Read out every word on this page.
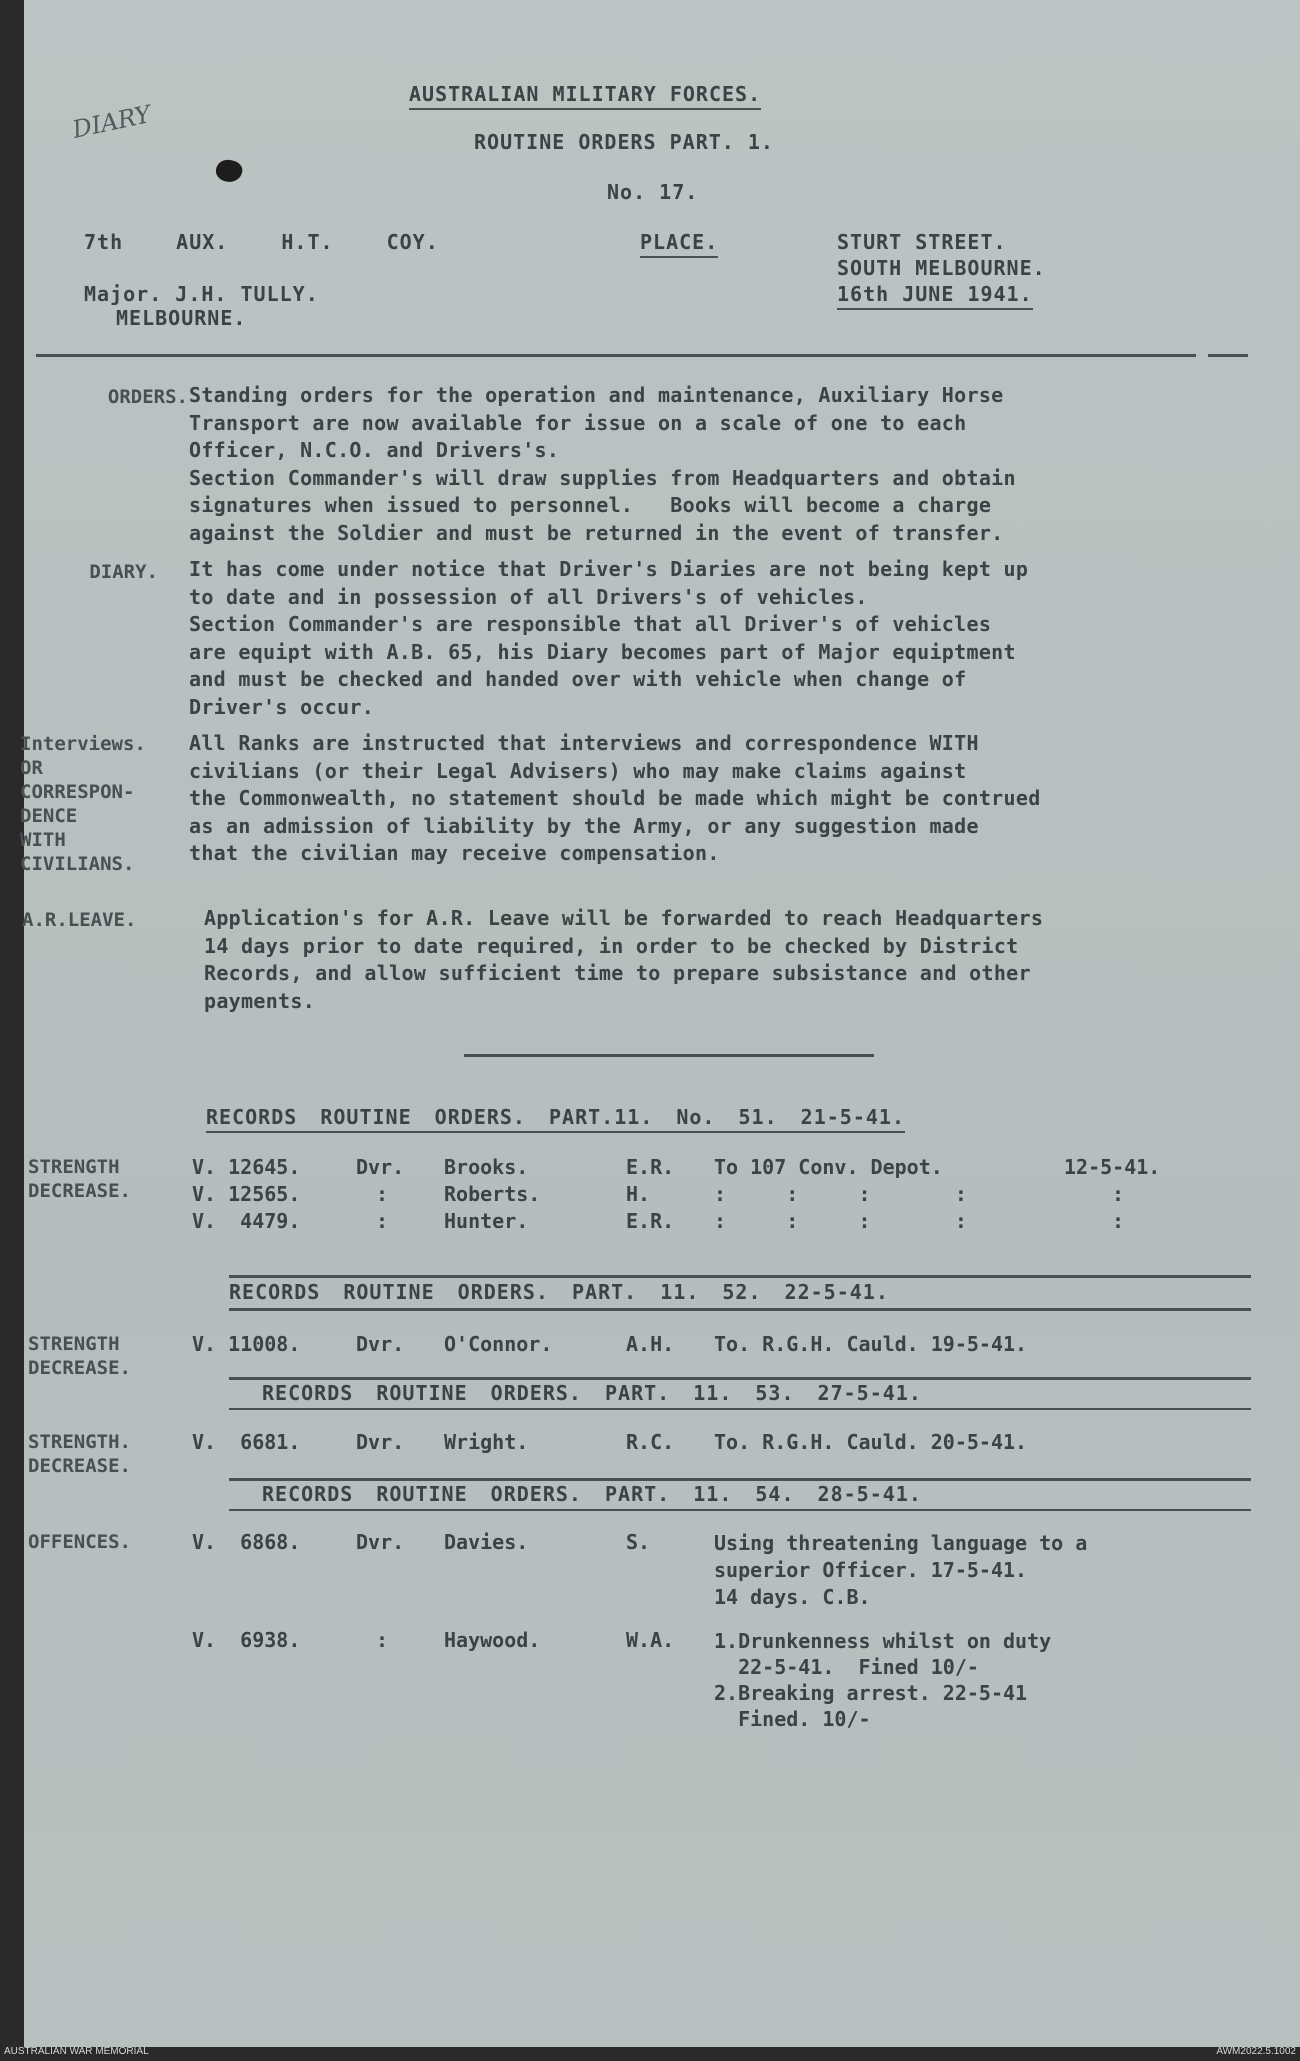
DIARY
AUSTRALIAN MILITARY FORCES.
ROUTINE ORDERS PART. 1.
No. 17.
7th AUX. H.T. COY.	PLACE.	STURT STREET.
SOUTH MELBOURNE.
16th JUNE 1941.
Major. J.H. TULLY.
MELBOURNE.
ORDERS. Standing orders for the operation and maintenance, Auxiliary Horse
Transport are now available for issue on a scale of one to each
Officer, N.C.O. and Drivers's.
Section Commander's will draw supplies from Headquarters and obtain
signatures when issued to personnel.   Books will become a charge
against the Soldier and must be returned in the event of transfer.
DIARY. It has come under notice that Driver's Diaries are not being kept up
to date and in possession of all Drivers's of vehicles.
Section Commander's are responsible that all Driver's of vehicles
are equipt with A.B. 65, his Diary becomes part of Major equiptment
and must be checked and handed over with vehicle when change of
Driver's occur.
Interviews.
OR
CORRESPON-
DENCE
WITH
CIVILIANS.
All Ranks are instructed that interviews and correspondence WITH
civilians (or their Legal Advisers) who may make claims against
the Commonwealth, no statement should be made which might be contrued
as an admission of liability by the Army, or any suggestion made
that the civilian may receive compensation.
A.R.LEAVE.	Application's for A.R. Leave will be forwarded to reach Headquarters
14 days prior to date required, in order to be checked by District
Records, and allow sufficient time to prepare subsistance and other
payments.
RECORDS ROUTINE ORDERS. PART.11. No. 51. 21-5-41.
STRENGTH
DECREASE.
V. 12645.	Dvr. Brooks.	E.R. To 107 Conv. Depot.	12-5-41.
V. 12565.	:	Roberts.	H.	:     :     :       :	:
V.  4479.	:	Hunter.	E.R. :     :     :       :	:
RECORDS ROUTINE ORDERS. PART. 11. 52. 22-5-41.
STRENGTH
DECREASE.
V. 11008.	Dvr. O'Connor.	A.H. To. R.G.H. Cauld. 19-5-41.
RECORDS ROUTINE ORDERS. PART. 11. 53. 27-5-41.
STRENGTH.
DECREASE.
V.  6681.	Dvr. Wright.	R.C. To. R.G.H. Cauld. 20-5-41.
RECORDS ROUTINE ORDERS. PART. 11. 54. 28-5-41.
OFFENCES.	V.  6868.	Dvr. Davies.	S.	Using threatening language to a
superior Officer. 17-5-41.
14 days. C.B.
V.  6938.	:	Haywood.	W.A. 1.Drunkenness whilst on duty
22-5-41.  Fined 10/-
2.Breaking arrest. 22-5-41
Fined. 10/-
AUSTRALIAN WAR MEMORIAL	AWM2022.5.1002
